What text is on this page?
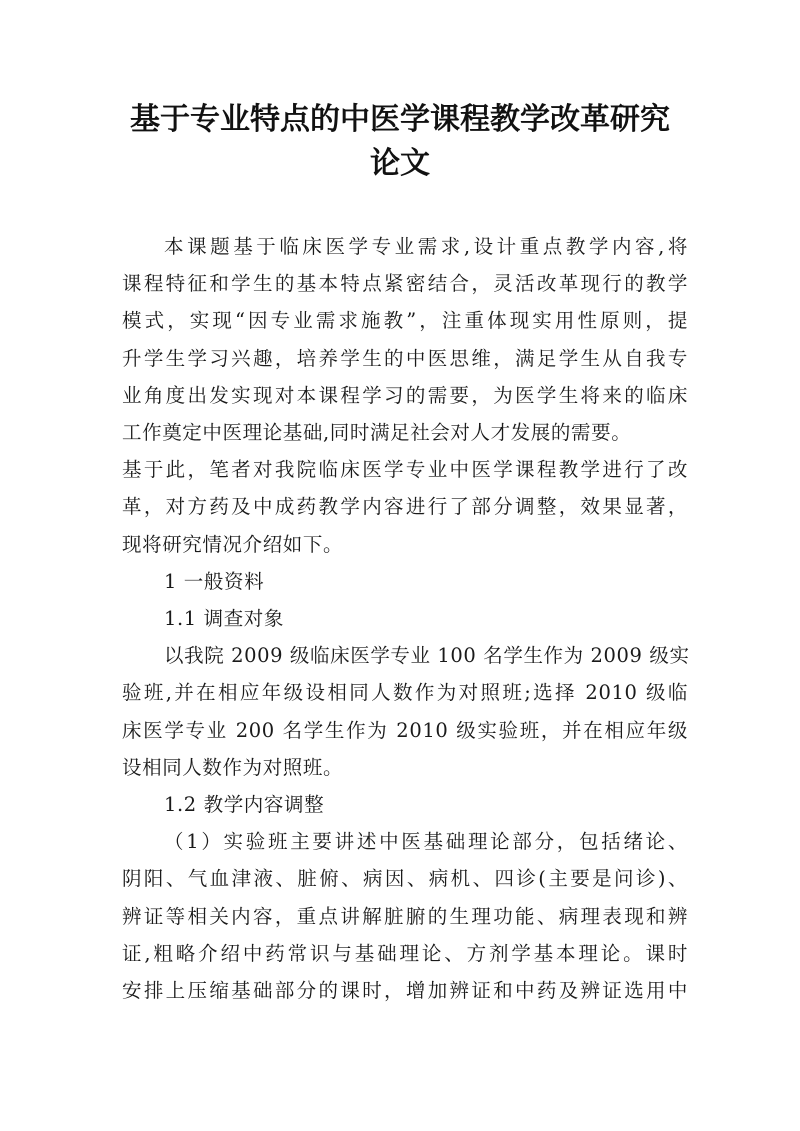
基于专业特点的中医学课程教学改革研究
论文
本课题基于临床医学专业需求,设计重点教学内容,将
课程特征和学生的基本特点紧密结合，灵活改革现行的教学
模式，实现“因专业需求施教”，注重体现实用性原则，提
升学生学习兴趣，培养学生的中医思维，满足学生从自我专
业角度出发实现对本课程学习的需要，为医学生将来的临床
工作奠定中医理论基础,同时满足社会对人才发展的需要。
基于此，笔者对我院临床医学专业中医学课程教学进行了改
革，对方药及中成药教学内容进行了部分调整，效果显著，
现将研究情况介绍如下。
1 一般资料
1.1 调查对象
以我院 2009 级临床医学专业 100 名学生作为 2009 级实
验班,并在相应年级设相同人数作为对照班;选择 2010 级临
床医学专业 200 名学生作为 2010 级实验班，并在相应年级
设相同人数作为对照班。
1.2 教学内容调整
（1）实验班主要讲述中医基础理论部分，包括绪论、
阴阳、气血津液、脏俯、病因、病机、四诊(主要是问诊)、
辨证等相关内容，重点讲解脏腑的生理功能、病理表现和辨
证,粗略介绍中药常识与基础理论、方剂学基本理论。课时
安排上压缩基础部分的课时，增加辨证和中药及辨证选用中
